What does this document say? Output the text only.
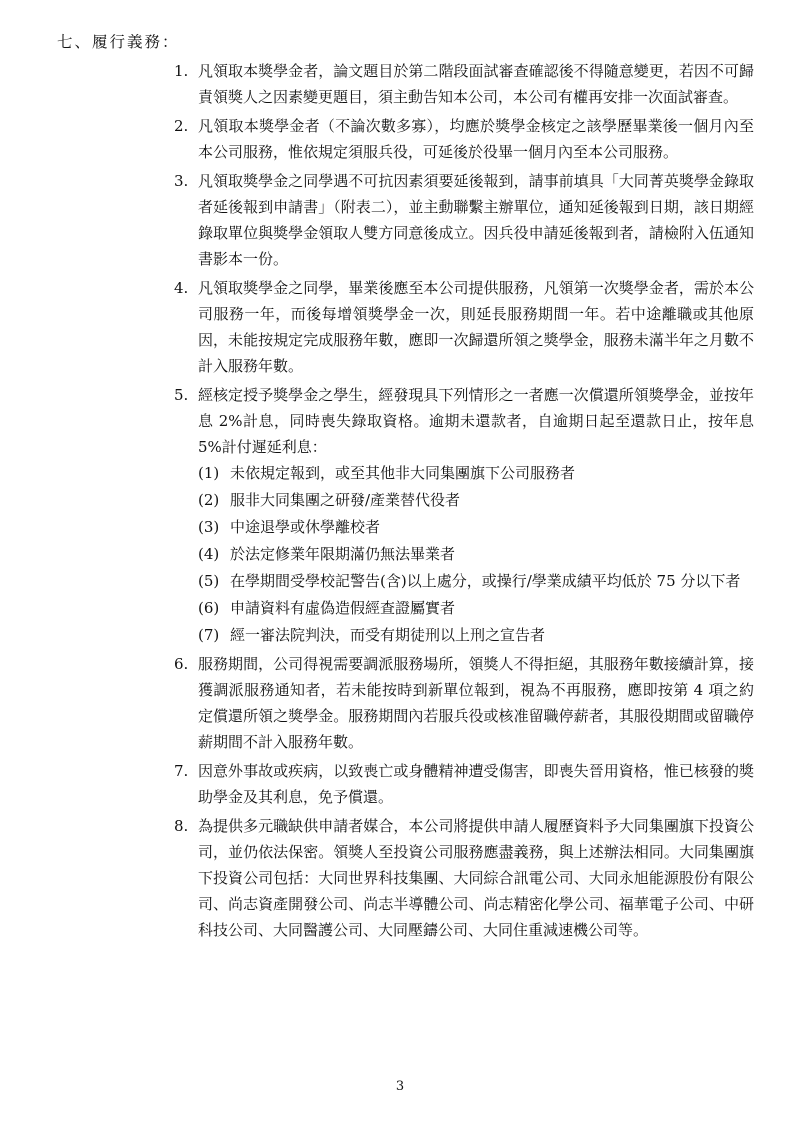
七、履行義務：
1. 凡領取本獎學金者，論文題目於第二階段面試審查確認後不得隨意變更，若因不可歸責領獎人之因素變更題目，須主動告知本公司，本公司有權再安排一次面試審查。
2. 凡領取本獎學金者（不論次數多寡），均應於獎學金核定之該學歷畢業後一個月內至本公司服務，惟依規定須服兵役，可延後於役畢一個月內至本公司服務。
3. 凡領取獎學金之同學遇不可抗因素須要延後報到，請事前填具「大同菁英獎學金錄取者延後報到申請書」（附表二），並主動聯繫主辦單位，通知延後報到日期，該日期經錄取單位與獎學金領取人雙方同意後成立。因兵役申請延後報到者，請檢附入伍通知書影本一份。
4. 凡領取獎學金之同學，畢業後應至本公司提供服務，凡領第一次獎學金者，需於本公司服務一年，而後每增領獎學金一次，則延長服務期間一年。若中途離職或其他原因，未能按規定完成服務年數，應即一次歸還所領之獎學金，服務未滿半年之月數不計入服務年數。
5. 經核定授予獎學金之學生，經發現具下列情形之一者應一次償還所領獎學金，並按年息 2%計息，同時喪失錄取資格。逾期未還款者，自逾期日起至還款日止，按年息 5%計付遲延利息：
(1) 未依規定報到，或至其他非大同集團旗下公司服務者
(2) 服非大同集團之研發/產業替代役者
(3) 中途退學或休學離校者
(4) 於法定修業年限期滿仍無法畢業者
(5) 在學期間受學校記警告(含)以上處分，或操行/學業成績平均低於 75 分以下者
(6) 申請資料有虛偽造假經查證屬實者
(7) 經一審法院判決，而受有期徒刑以上刑之宣告者
6. 服務期間，公司得視需要調派服務場所，領獎人不得拒絕，其服務年數接續計算，接獲調派服務通知者，若未能按時到新單位報到，視為不再服務，應即按第 4 項之約定償還所領之獎學金。服務期間內若服兵役或核准留職停薪者，其服役期間或留職停薪期間不計入服務年數。
7. 因意外事故或疾病，以致喪亡或身體精神遭受傷害，即喪失晉用資格，惟已核發的獎助學金及其利息，免予償還。
8. 為提供多元職缺供申請者媒合，本公司將提供申請人履歷資料予大同集團旗下投資公司，並仍依法保密。領獎人至投資公司服務應盡義務，與上述辦法相同。大同集團旗下投資公司包括：大同世界科技集團、大同綜合訊電公司、大同永旭能源股份有限公司、尚志資產開發公司、尚志半導體公司、尚志精密化學公司、福華電子公司、中研科技公司、大同醫護公司、大同壓鑄公司、大同住重減速機公司等。
3
